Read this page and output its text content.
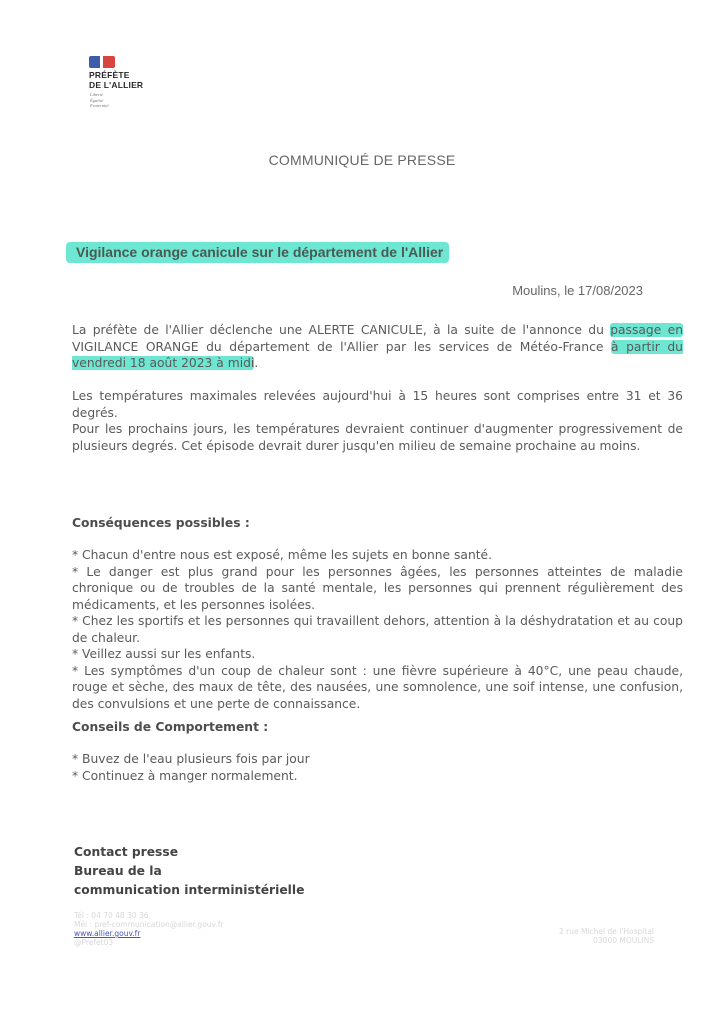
PRÉFÈTE
DE L'ALLIER
Liberté
Égalité
Fraternité
COMMUNIQUÉ DE PRESSE
Vigilance orange canicule sur le département de l'Allier
Moulins, le 17/08/2023
La préfète de l'Allier déclenche une ALERTE CANICULE, à la suite de l'annonce du passage en VIGILANCE ORANGE du département de l'Allier par les services de Météo-France à partir du vendredi 18 août 2023 à midi.
Les températures maximales relevées aujourd'hui à 15 heures sont comprises entre 31 et 36 degrés.
Pour les prochains jours, les températures devraient continuer d'augmenter progressivement de plusieurs degrés. Cet épisode devrait durer jusqu'en milieu de semaine prochaine au moins.
Conséquences possibles :
* Chacun d'entre nous est exposé, même les sujets en bonne santé.
* Le danger est plus grand pour les personnes âgées, les personnes atteintes de maladie chronique ou de troubles de la santé mentale, les personnes qui prennent régulièrement des médicaments, et les personnes isolées.
* Chez les sportifs et les personnes qui travaillent dehors, attention à la déshydratation et au coup de chaleur.
* Veillez aussi sur les enfants.
* Les symptômes d'un coup de chaleur sont : une fièvre supérieure à 40°C, une peau chaude, rouge et sèche, des maux de tête, des nausées, une somnolence, une soif intense, une confusion, des convulsions et une perte de connaissance.
Conseils de Comportement :
* Buvez de l'eau plusieurs fois par jour
* Continuez à manger normalement.
Contact presse
Bureau de la
communication interministérielle
Tél : 04 70 48 30 36
Mél : pref-communication@allier.gouv.fr
www.allier.gouv.fr
@Prefet03
2 rue Michel de l'Hospital
03000 MOULINS
